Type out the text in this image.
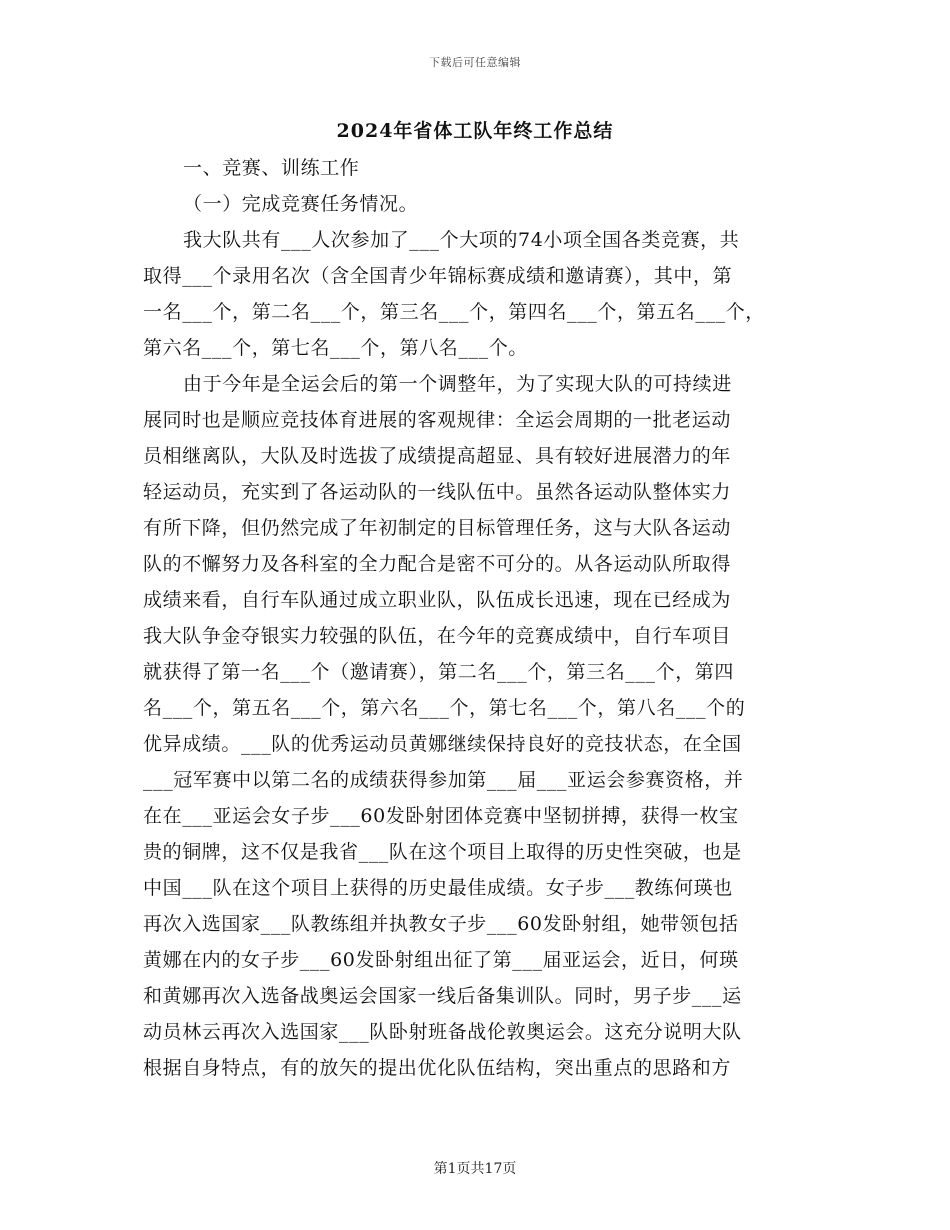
下载后可任意编辑
2024年省体工队年终工作总结
一、竞赛、训练工作
（一）完成竞赛任务情况。
我大队共有___人次参加了___个大项的74小项全国各类竞赛，共
取得___个录用名次（含全国青少年锦标赛成绩和邀请赛），其中，第
一名___个，第二名___个，第三名___个，第四名___个，第五名___个，
第六名___个，第七名___个，第八名___个。
由于今年是全运会后的第一个调整年，为了实现大队的可持续进
展同时也是顺应竞技体育进展的客观规律：全运会周期的一批老运动
员相继离队，大队及时选拔了成绩提高超显、具有较好进展潜力的年
轻运动员，充实到了各运动队的一线队伍中。虽然各运动队整体实力
有所下降，但仍然完成了年初制定的目标管理任务，这与大队各运动
队的不懈努力及各科室的全力配合是密不可分的。从各运动队所取得
成绩来看，自行车队通过成立职业队，队伍成长迅速，现在已经成为
我大队争金夺银实力较强的队伍，在今年的竞赛成绩中，自行车项目
就获得了第一名___个（邀请赛），第二名___个，第三名___个，第四
名___个，第五名___个，第六名___个，第七名___个，第八名___个的
优异成绩。___队的优秀运动员黄娜继续保持良好的竞技状态，在全国
___冠军赛中以第二名的成绩获得参加第___届___亚运会参赛资格，并
在在___亚运会女子步___60发卧射团体竞赛中坚韧拼搏，获得一枚宝
贵的铜牌，这不仅是我省___队在这个项目上取得的历史性突破，也是
中国___队在这个项目上获得的历史最佳成绩。女子步___教练何瑛也
再次入选国家___队教练组并执教女子步___60发卧射组，她带领包括
黄娜在内的女子步___60发卧射组出征了第___届亚运会，近日，何瑛
和黄娜再次入选备战奥运会国家一线后备集训队。同时，男子步___运
动员林云再次入选国家___队卧射班备战伦敦奥运会。这充分说明大队
根据自身特点，有的放矢的提出优化队伍结构，突出重点的思路和方
第1页共17页
